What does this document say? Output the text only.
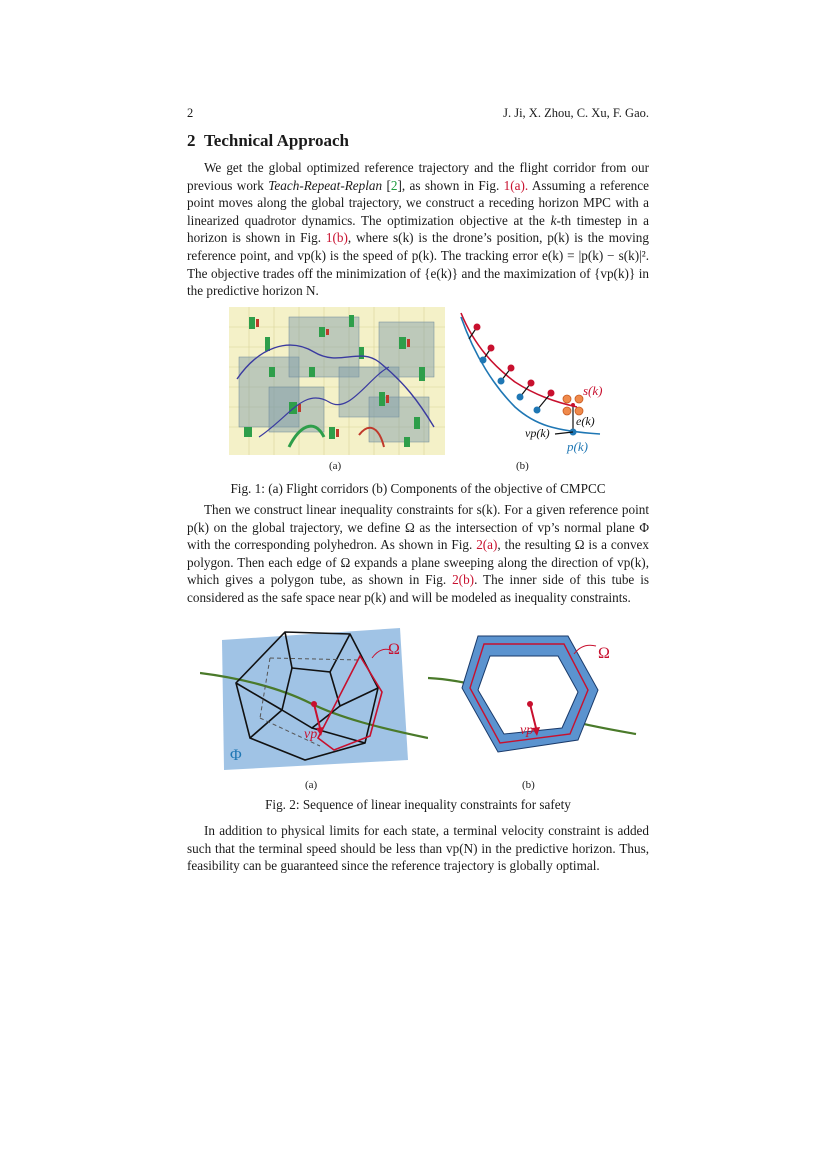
2	J. Ji, X. Zhou, C. Xu, F. Gao.
2 Technical Approach

We get the global optimized reference trajectory and the flight corridor from our previous work Teach-Repeat-Replan [2], as shown in Fig. 1(a). Assuming a reference point moves along the global trajectory, we construct a receding horizon MPC with a linearized quadrotor dynamics. The optimization objective at the k-th timestep in a horizon is shown in Fig. 1(b), where s(k) is the drone’s position, p(k) is the moving reference point, and vp(k) is the speed of p(k). The tracking error e(k) = |p(k) − s(k)|². The objective trades off the minimization of {e(k)} and the maximization of {vp(k)} in the predictive horizon N.

s(k)
e(k)
vp(k)
p(k)
(a)	(b)
Fig. 1: (a) Flight corridors (b) Components of the objective of CMPCC

Then we construct linear inequality constraints for s(k). For a given reference point p(k) on the global trajectory, we define Ω as the intersection of vp’s normal plane Φ with the corresponding polyhedron. As shown in Fig. 2(a), the resulting Ω is a convex polygon. Then each edge of Ω expands a plane sweeping along the direction of vp(k), which gives a polygon tube, as shown in Fig. 2(b). The inner side of this tube is considered as the safe space near p(k) and will be modeled as inequality constraints.

Ω
Φ
vp
Ω
vp
(a)	(b)
Fig. 2: Sequence of linear inequality constraints for safety

In addition to physical limits for each state, a terminal velocity constraint is added such that the terminal speed should be less than vp(N) in the predictive horizon. Thus, feasibility can be guaranteed since the reference trajectory is globally optimal.
